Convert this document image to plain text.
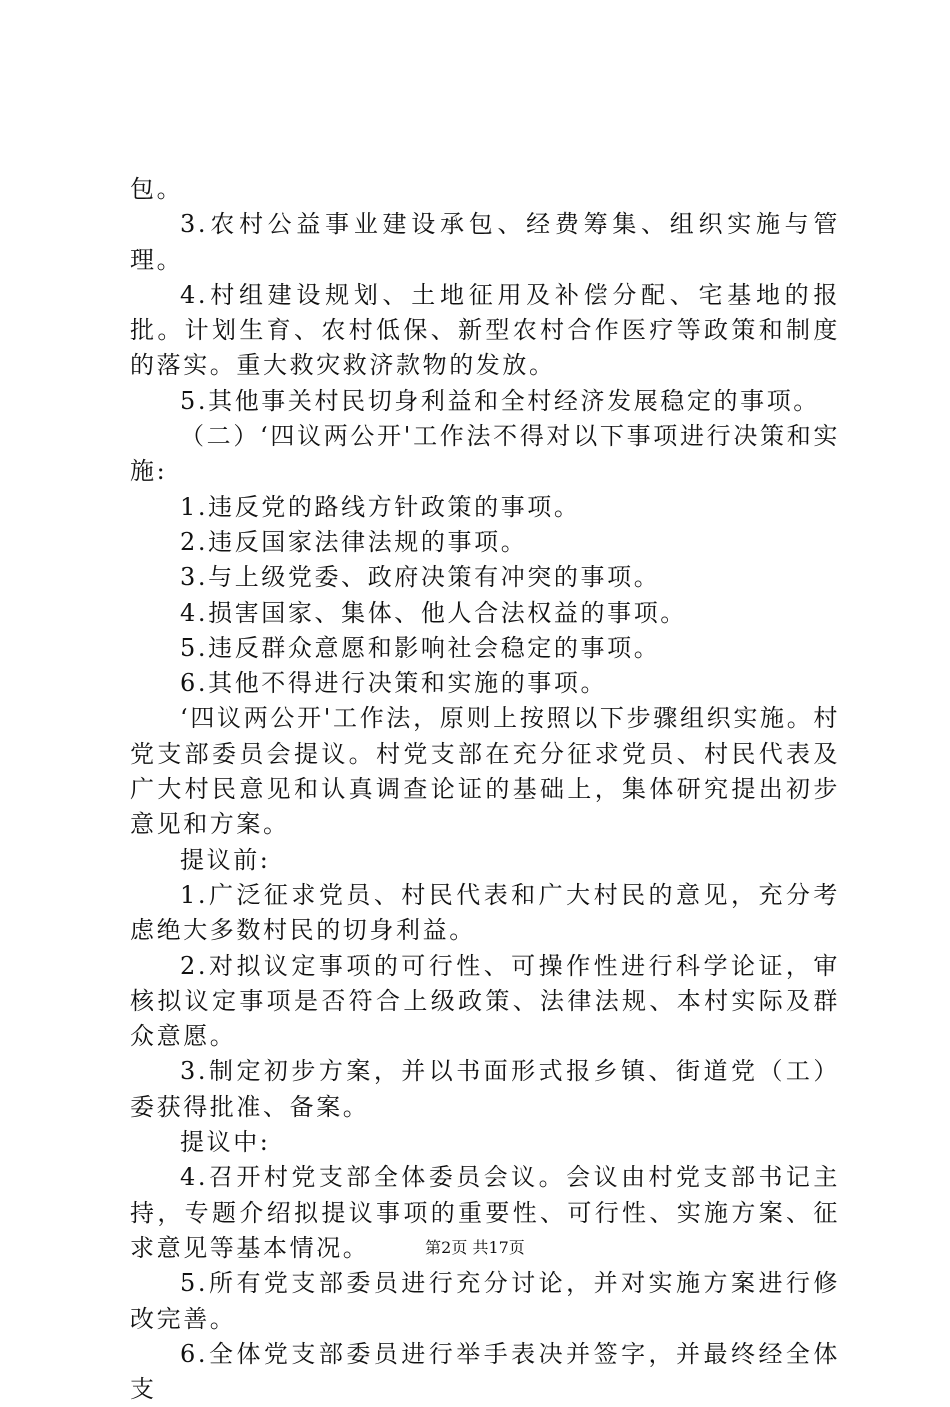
包。

3.农村公益事业建设承包、经费筹集、组织实施与管理。

4.村组建设规划、土地征用及补偿分配、宅基地的报批。计划生育、农村低保、新型农村合作医疗等政策和制度的落实。重大救灾救济款物的发放。

5.其他事关村民切身利益和全村经济发展稳定的事项。

（二）‘四议两公开'工作法不得对以下事项进行决策和实施:

1.违反党的路线方针政策的事项。

2.违反国家法律法规的事项。

3.与上级党委、政府决策有冲突的事项。

4.损害国家、集体、他人合法权益的事项。

5.违反群众意愿和影响社会稳定的事项。

6.其他不得进行决策和实施的事项。

‘四议两公开'工作法，原则上按照以下步骤组织实施。村党支部委员会提议。村党支部在充分征求党员、村民代表及广大村民意见和认真调查论证的基础上，集体研究提出初步意见和方案。

提议前:

1.广泛征求党员、村民代表和广大村民的意见，充分考虑绝大多数村民的切身利益。

2.对拟议定事项的可行性、可操作性进行科学论证，审核拟议定事项是否符合上级政策、法律法规、本村实际及群众意愿。

3.制定初步方案，并以书面形式报乡镇、街道党（工）委获得批准、备案。

提议中:

4.召开村党支部全体委员会议。会议由村党支部书记主持，专题介绍拟提议事项的重要性、可行性、实施方案、征求意见等基本情况。

5.所有党支部委员进行充分讨论，并对实施方案进行修改完善。

6.全体党支部委员进行举手表决并签字，并最终经全体支

第2页 共17页
